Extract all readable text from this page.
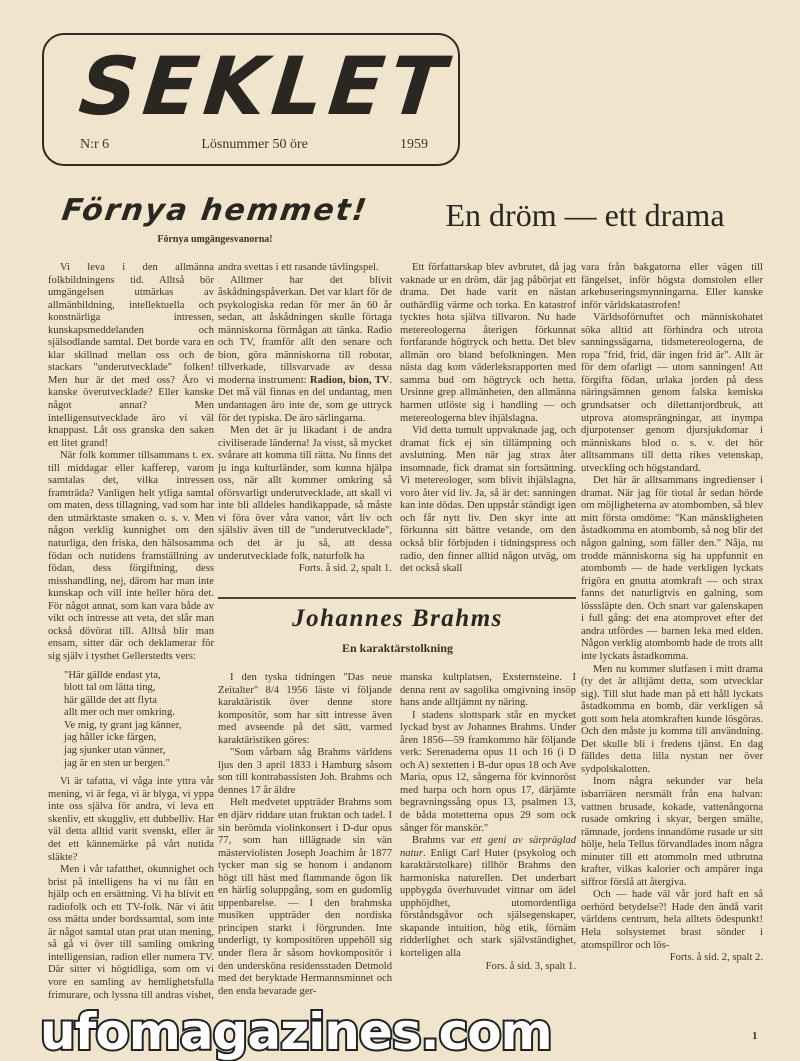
SEKLET
N:r 6	Lösnummer 50 öre	1959
Förnya hemmet!
Förnya umgängesvanorna!
En dröm — ett drama

Vi leva i den allmänna folkbildningens tid. Alltså bör umgängelsen utmärkas av allmänbildning, intellektuella och konstnärliga intressen, kunskapsmeddelanden och själsodlande samtal. Det borde vara en klar skillnad mellan oss och de stackars "underutvecklade" folken! Men hur är det med oss? Äro vi kanske överutvecklade? Eller kanske något annat? Men intelligensutvecklade äro vi väl knappast. Låt oss granska den saken ett litet grand!

När folk kommer tillsammans t. ex. till middagar eller kafferep, varom samtalas det, vilka intressen framträda? Vanligen helt ytliga samtal om maten, dess tillagning, vad som har den utmärktaste smaken o. s. v. Men någon verklig kunnighet om den naturliga, den friska, den hälsosamma födan och nutidens framställning av födan, dess förgiftning, dess misshandling, nej, därom har man inte kunskap och vill inte heller höra det. För något annat, som kan vara både av vikt och intresse att veta, det slår man också dövörat till. Alltså blir man ensam, sitter där och deklamerar för sig själv i tysthet Gellerstedts vers:

"Här gällde endast yta,
blott tal om lätta ting,
här gällde det att flyta
allt mer och mer omkring.
Ve mig, ty grant jag känner,
jag håller icke färgen,
jag sjunker utan vänner,
jag är en sten ur bergen."

Vi är tafatta, vi våga inte yttra vår mening, vi är fega, vi är blyga, vi yppa inte oss själva för andra, vi leva ett skenliv, ett skuggliv, ett dubbelliv. Har väl detta alltid varit svenskt, eller är det ett kännemärke på vårt nutida släkte?

Men i vår tafatthet, okunnighet och brist på intelligens ha vi nu fått en hjälp och en ersättning. Vi ha blivit ett radiofolk och ett TV-folk. När vi ätit oss mätta under bordssamtal, som inte är något samtal utan prat utan mening, så gå vi över till samling omkring intelligensian, radion eller numera TV. Där sitter vi högtidliga, som om vi vore en samling av hemlighetsfulla frimurare, och lyssna till andras vishet,

andra svettas i ett rasande tävlingspel.

Alltmer har det blivit åskådningspåverkan. Det var klart för de psykologiska redan för mer än 60 år sedan, att åskådningen skulle förtaga människorna förmågan att tänka. Radio och TV, framför allt den senare och bion, göra människorna till robotar, tillverkade, tillsvarvade av dessa moderna instrument: Radion, bion, TV. Det må väl finnas en del undantag, men undantagen äro inte de, som ge uttryck för det typiska. De äro särlingarna.

Men det är ju likadant i de andra civiliserade länderna! Ja visst, så mycket svårare att komma till rätta. Nu finns det ju inga kulturländer, som kunna hjälpa oss, när allt kommer omkring så oförsvarligt underutvecklade, att skall vi inte bli alldeles handikappade, så måste vi föra över våra vanor, vårt liv och själsliv även till de "underutvecklade", och det är ju så, att dessa underutvecklade folk, naturfolk ha

Forts. å sid. 2, spalt 1.

Ett författarskap blev avbrutet, då jag vaknade ur en dröm, där jag påbörjat ett drama. Det hade varit en nästan outhärdlig värme och torka. En katastrof tycktes hota själva tillvaron. Nu hade metereologerna återigen förkunnat fortfarande högtryck och hetta. Det blev allmän oro bland befolkningen. Men nästa dag kom väderleksrapporten med samma bud om högtryck och hetta. Ursinne grep allmänheten, den allmänna harmen utlöste sig i handling — och metereologerna blev ihjälslagna.

Vid detta tumult uppvaknade jag, och dramat fick ej sin tillämpning och avslutning. Men när jag strax åter insomnade, fick dramat sin fortsättning. Vi metereologer, som blivit ihjälslagna, voro åter vid liv. Ja, så är det: sanningen kan inte dödas. Den uppstår ständigt igen och får nytt liv. Den skyr inte att förkunna sitt bättre vetande, om den också blir förbjuden i tidningspress och radio, den finner alltid någon utväg, om det också skall

vara från bakgatorna eller vägen till fängelset, inför högsta domstolen eller arkebuseringsmynningarna. Eller kanske inför världskatastrofen!

Världsoförnuftet och människohatet söka alltid att förhindra och utrota sanningssägarna, tidsmetereologerna, de ropa "frid, frid, där ingen frid är". Allt är för dem ofarligt — utom sanningen! Att förgifta födan, urlaka jorden på dess näringsämnen genom falska kemiska grundsatser och dilettantjordbruk, att utprova atomsprängningar, att inympa djurpotenser genom djursjukdomar i människans blod o. s. v. det hör alltsammans till detta rikes vetenskap, utveckling och högstandard.

Det här är alltsammans ingredienser i dramat. När jag för tiotal år sedan hörde om möjligheterna av atombomben, så blev mitt första omdöme: "Kan mänskligheten åstadkomma en atombomb, så nog blir det någon galning, som fäller den." Nåja, nu trodde människorna sig ha uppfunnit en atombomb — de hade verkligen lyckats frigöra en gnutta atomkraft — och strax fanns det naturligtvis en galning, som lösssläpte den. Och snart var galenskapen i full gång: det ena atomprovet efter det andra utfördes — barnen leka med elden. Någon verklig atombomb hade de trots allt inte lyckats åstadkomma.

Men nu kommer slutfasen i mitt drama (ty det är alltjämt detta, som utvecklar sig). Till slut hade man på ett håll lyckats åstadkomma en bomb, där verkligen så gott som hela atomkraften kunde lösgöras. Och den måste ju komma till användning. Det skulle bli i fredens tjänst. En dag fälldes detta lilla nystan ner över sydpolskalotten.

Inom några sekunder var hela isbarriären nersmält från ena halvan: vattnen brusade, kokade, vattenångorna rusade omkring i skyar, bergen smälte, rämnade, jordens innandöme rusade ur sitt hölje, hela Tellus förvandlades inom några minuter till ett atommoln med utbrutna krafter, vilkas kalorier och ampärer inga siffror förslå att återgiva.

Och — hade väl vår jord haft en så oerhörd betydelse?! Hade den ändå varit världens centrum, hela alltets ödespunkt! Hela solsystemet brast sönder i atomspillror och lös-

Forts. å sid. 2, spalt 2.

Johannes Brahms
En karaktärstolkning

I den tyska tidningen "Das neue Zeitalter" 8/4 1956 läste vi följande karaktäristik över denne store kompositör, som har sitt intresse även med avseende på det sätt, varmed karaktäristiken göres:

"Som vårbarn såg Brahms världens ljus den 3 april 1833 i Hamburg såsom son till kontrabassisten Joh. Brahms och dennes 17 år äldre

Helt medvetet uppträder Brahms som en djärv riddare utan fruktan och tadel. I sin berömda violinkonsert i D-dur opus 77, som han tillägnade sin vän mästerviolisten Joseph Joachim år 1877 tycker man sig se honom i andanom högt till häst med flammande ögon lik en härlig soluppgång, som en gudomlig uppenbarelse. — I den brahmska musiken uppträder den nordiska principen starkt i förgrunden. Inte underligt, ty kompositören uppehöll sig under flera år såsom hovkompositör i den undersköna residensstaden Detmold med det beryktade Hermannsminnet och den enda bevarade ger-

manska kultplatsen, Exsternsteine. I denna rent av sagolika omgivning insöp hans ande alltjämnt ny näring.

I stadens slottspark står en mycket lyckad byst av Johannes Brahms. Under åren 1856—59 framkommo här följande verk: Serenaderna opus 11 och 16 (i D och A) sextetten i B-dur opus 18 och Ave Maria, opus 12, sångerna för kvinnoröst med harpa och horn opus 17, därjämte begravningssång opus 13, psalmen 13, de båda motetterna opus 29 som ock sånger för manskör."

Brahms var ett geni av särpräglad natur. Enligt Carl Huter (psykolog och karaktärstolkare) tillhör Brahms den harmoniska naturellen. Det underbart uppbygda överhuvudet vittnar om ädel upphöjdhet, utomordentliga förståndsgåvor och själsegenskaper, skapande intuition, hög etik, förnäm ridderlighet och stark självständighet, korteligen alla

Fors. å sid. 3, spalt 1.

ufomagazines.com	1
